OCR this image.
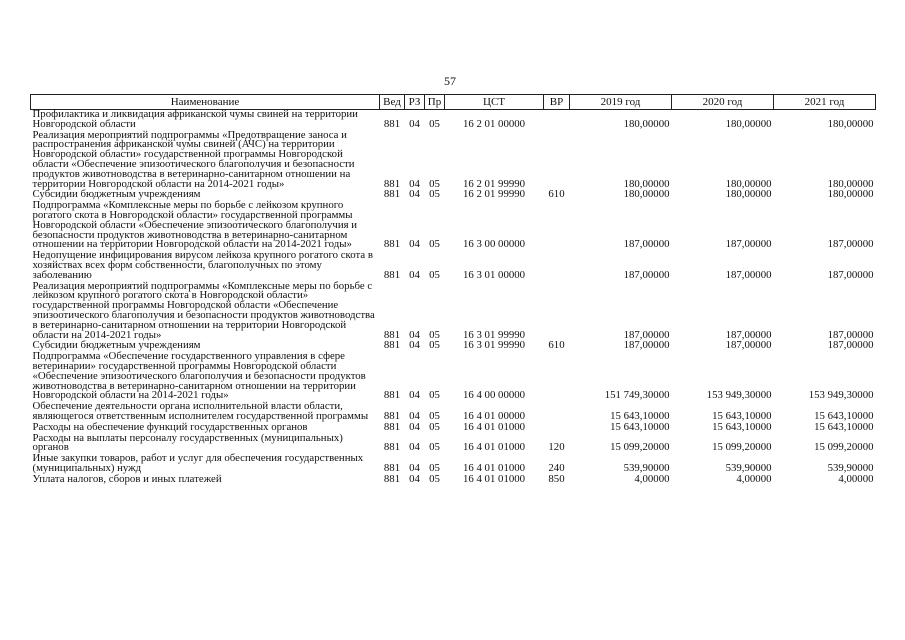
57
Наименование	Вед	РЗ	Пр	ЦСТ	ВР	2019 год	2020 год	2021 год
Профилактика и ликвидация африканской чумы свиней на территории Новгородской области	881	04	05	16 2 01 00000		180,00000	180,00000	180,00000
Реализация мероприятий подпрограммы «Предотвращение заноса и распространения африканской чумы свиней (АЧС) на территории Новгородской области» государственной программы Новгородской области «Обеспечение эпизоотического благополучия и безопасности продуктов животноводства в ветеринарно-санитарном отношении на территории Новгородской области на 2014-2021 годы»	881	04	05	16 2 01 99990		180,00000	180,00000	180,00000
Субсидии бюджетным учреждениям	881	04	05	16 2 01 99990	610	180,00000	180,00000	180,00000
Подпрограмма «Комплексные меры по борьбе с лейкозом крупного рогатого скота в Новгородской области» государственной программы Новгородской области «Обеспечение эпизоотического благополучия и безопасности продуктов животноводства в ветеринарно-санитарном отношении на территории Новгородской области на 2014-2021 годы»	881	04	05	16 3 00 00000		187,00000	187,00000	187,00000
Недопущение инфицирования вирусом лейкоза крупного рогатого скота в хозяйствах всех форм собственности, благополучных по этому заболеванию	881	04	05	16 3 01 00000		187,00000	187,00000	187,00000
Реализация мероприятий подпрограммы «Комплексные меры по борьбе с лейкозом крупного рогатого скота в Новгородской области» государственной программы Новгородской области «Обеспечение эпизоотического благополучия и безопасности продуктов животноводства в ветеринарно-санитарном отношении на территории Новгородской области на 2014-2021 годы»	881	04	05	16 3 01 99990		187,00000	187,00000	187,00000
Субсидии бюджетным учреждениям	881	04	05	16 3 01 99990	610	187,00000	187,00000	187,00000
Подпрограмма «Обеспечение государственного управления в сфере ветеринарии» государственной программы Новгородской области «Обеспечение эпизоотического благополучия и безопасности продуктов животноводства в ветеринарно-санитарном отношении на территории Новгородской области на 2014-2021 годы»	881	04	05	16 4 00 00000		151 749,30000	153 949,30000	153 949,30000
Обеспечение деятельности органа исполнительной власти области, являющегося ответственным исполнителем государственной программы	881	04	05	16 4 01 00000		15 643,10000	15 643,10000	15 643,10000
Расходы на обеспечение функций государственных органов	881	04	05	16 4 01 01000		15 643,10000	15 643,10000	15 643,10000
Расходы на выплаты персоналу государственных (муниципальных) органов	881	04	05	16 4 01 01000	120	15 099,20000	15 099,20000	15 099,20000
Иные закупки товаров, работ и услуг для обеспечения государственных (муниципальных) нужд	881	04	05	16 4 01 01000	240	539,90000	539,90000	539,90000
Уплата налогов, сборов и иных платежей	881	04	05	16 4 01 01000	850	4,00000	4,00000	4,00000
